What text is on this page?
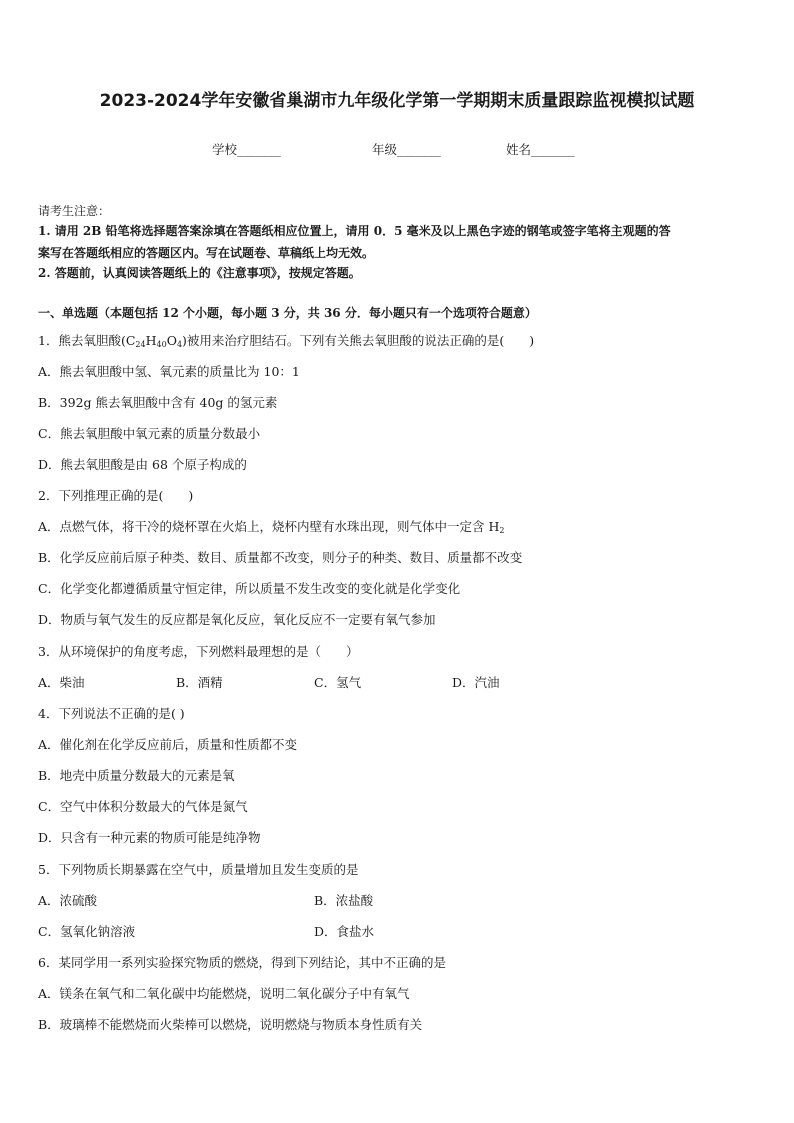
2023-2024学年安徽省巢湖市九年级化学第一学期期末质量跟踪监视模拟试题
学校_______	年级_______	姓名_______
请考生注意：
1. 请用 2B 铅笔将选择题答案涂填在答题纸相应位置上，请用 0．5 毫米及以上黑色字迹的钢笔或签字笔将主观题的答
案写在答题纸相应的答题区内。写在试题卷、草稿纸上均无效。
2. 答题前，认真阅读答题纸上的《注意事项》，按规定答题。
一、单选题（本题包括 12 个小题，每小题 3 分，共 36 分．每小题只有一个选项符合题意）
1．熊去氧胆酸$(C_{24}H_{40}O_4)$被用来治疗胆结石。下列有关熊去氧胆酸的说法正确的是(　　)
A．熊去氧胆酸中氢、氧元素的质量比为 10：1
B．392g 熊去氧胆酸中含有 40g 的氢元素
C．熊去氧胆酸中氧元素的质量分数最小
D．熊去氧胆酸是由 68 个原子构成的
2．下列推理正确的是(　　)
A．点燃气体，将干冷的烧杯罩在火焰上，烧杯内壁有水珠出现，则气体中一定含 $H_2$
B．化学反应前后原子种类、数目、质量都不改变，则分子的种类、数目、质量都不改变
C．化学变化都遵循质量守恒定律，所以质量不发生改变的变化就是化学变化
D．物质与氧气发生的反应都是氧化反应，氧化反应不一定要有氧气参加
3．从环境保护的角度考虑，下列燃料最理想的是（　　）
A．柴油	B．酒精	C．氢气	D．汽油
4．下列说法不正确的是( )
A．催化剂在化学反应前后，质量和性质都不变
B．地壳中质量分数最大的元素是氧
C．空气中体积分数最大的气体是氮气
D．只含有一种元素的物质可能是纯净物
5．下列物质长期暴露在空气中，质量增加且发生变质的是
A．浓硫酸	B．浓盐酸
C．氢氧化钠溶液	D．食盐水
6．某同学用一系列实验探究物质的燃烧，得到下列结论，其中不正确的是
A．镁条在氧气和二氧化碳中均能燃烧，说明二氧化碳分子中有氧气
B．玻璃棒不能燃烧而火柴棒可以燃烧，说明燃烧与物质本身性质有关
